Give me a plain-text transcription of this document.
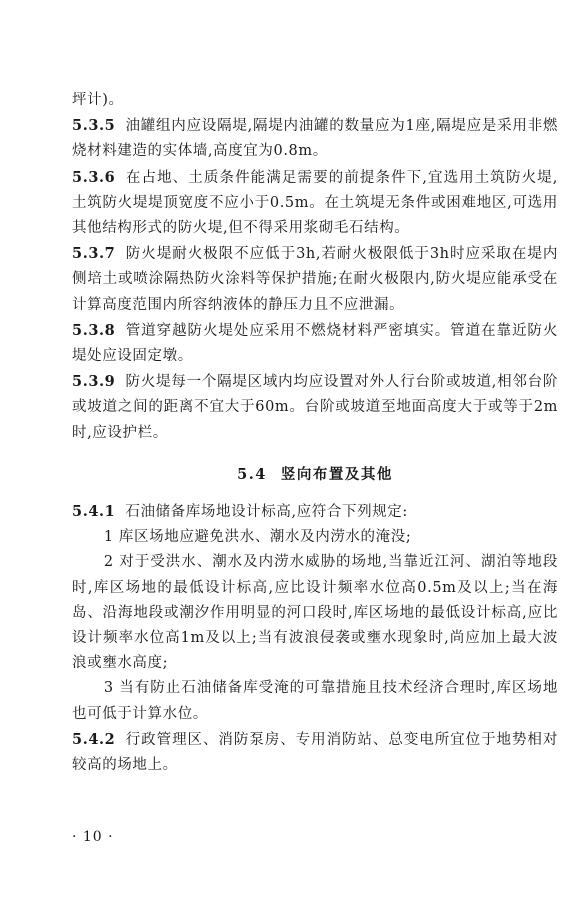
坪计)。

5.3.5 油罐组内应设隔堤,隔堤内油罐的数量应为1座,隔堤应是采用非燃烧材料建造的实体墙,高度宜为0.8m。

5.3.6 在占地、土质条件能满足需要的前提条件下,宜选用土筑防火堤,土筑防火堤堤顶宽度不应小于0.5m。在土筑堤无条件或困难地区,可选用其他结构形式的防火堤,但不得采用浆砌毛石结构。

5.3.7 防火堤耐火极限不应低于3h,若耐火极限低于3h时应采取在堤内侧培土或喷涂隔热防火涂料等保护措施;在耐火极限内,防火堤应能承受在计算高度范围内所容纳液体的静压力且不应泄漏。

5.3.8 管道穿越防火堤处应采用不燃烧材料严密填实。管道在靠近防火堤处应设固定墩。

5.3.9 防火堤每一个隔堤区域内均应设置对外人行台阶或坡道,相邻台阶或坡道之间的距离不宜大于60m。台阶或坡道至地面高度大于或等于2m时,应设护栏。

5.4 竖向布置及其他

5.4.1 石油储备库场地设计标高,应符合下列规定:

1 库区场地应避免洪水、潮水及内涝水的淹没;

2 对于受洪水、潮水及内涝水威胁的场地,当靠近江河、湖泊等地段时,库区场地的最低设计标高,应比设计频率水位高0.5m及以上;当在海岛、沿海地段或潮汐作用明显的河口段时,库区场地的最低设计标高,应比设计频率水位高1m及以上;当有波浪侵袭或壅水现象时,尚应加上最大波浪或壅水高度;

3 当有防止石油储备库受淹的可靠措施且技术经济合理时,库区场地也可低于计算水位。

5.4.2 行政管理区、消防泵房、专用消防站、总变电所宜位于地势相对较高的场地上。

· 10 ·
